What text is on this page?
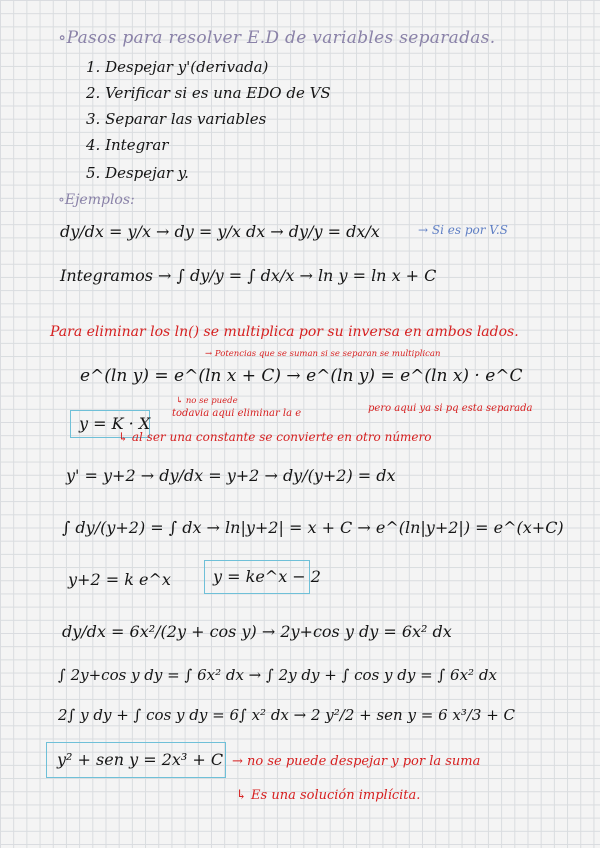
∘Pasos para resolver E.D de variables separadas.
1. Despejar y'(derivada)
2. Verificar si es una EDO de VS
3. Separar las variables
4. Integrar
5. Despejar y.
∘Ejemplos:
dy/dx = y/x → dy = y/x dx → dy/y = dx/x	→ Si es por V.S
Integramos → ∫ dy/y = ∫ dx/x → ln y = ln x + C
Para eliminar los ln() se multiplica por su inversa en ambos lados.
→ Potencias que se suman si se separan se multiplican
e^(ln y) = e^(ln x + C) → e^(ln y) = e^(ln x) · e^C
↳ no se puede
todavia aqui eliminar la e	pero aqui ya si pq esta separada
y = K · X
↳ al ser una constante se convierte en otro número
y' = y+2 → dy/dx = y+2 → dy/(y+2) = dx
∫ dy/(y+2) = ∫ dx → ln|y+2| = x + C → e^(ln|y+2|) = e^(x+C)
y+2 = k e^x	y = ke^x − 2
dy/dx = 6x²/(2y + cos y) → 2y+cos y dy = 6x² dx
∫ 2y+cos y dy = ∫ 6x² dx → ∫ 2y dy + ∫ cos y dy = ∫ 6x² dx
2∫ y dy + ∫ cos y dy = 6∫ x² dx → 2 y²/2 + sen y = 6 x³/3 + C
y² + sen y = 2x³ + C → no se puede despejar y por la suma
↳ Es una solución implícita.
